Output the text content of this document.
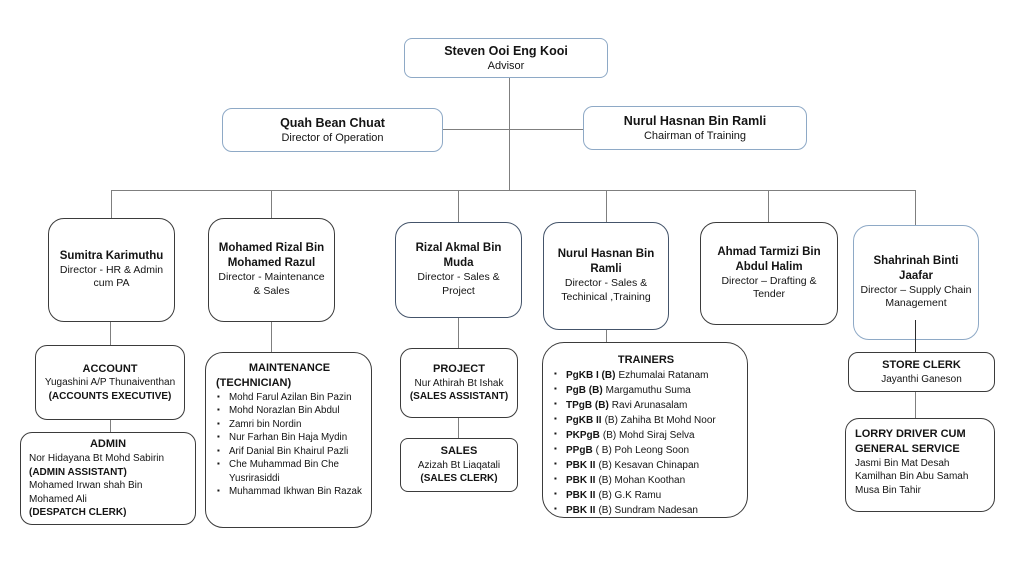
Steven Ooi Eng Kooi
Advisor
Quah Bean Chuat
Director of Operation
Nurul Hasnan Bin Ramli
Chairman of Training
Sumitra Karimuthu
Director - HR & Admin cum PA
Mohamed Rizal Bin Mohamed Razul
Director - Maintenance & Sales
Rizal Akmal Bin Muda
Director - Sales & Project
Nurul Hasnan Bin Ramli
Director - Sales & Techinical ,Training
Ahmad Tarmizi Bin Abdul Halim
Director – Drafting & Tender
Shahrinah Binti Jaafar
Director – Supply Chain Management
ACCOUNT
Yugashini A/P Thunaiventhan
(ACCOUNTS EXECUTIVE)
ADMIN
Nor Hidayana Bt Mohd Sabirin
(ADMIN ASSISTANT)
Mohamed Irwan shah Bin Mohamed Ali
(DESPATCH CLERK)
MAINTENANCE
(TECHNICIAN)
▪ Mohd Farul Azilan Bin Pazin
▪ Mohd Norazlan Bin Abdul
▪ Zamri bin Nordin
▪ Nur Farhan Bin Haja Mydin
▪ Arif Danial Bin Khairul Pazli
▪ Che Muhammad Bin Che Yusrirasiddi
▪ Muhammad Ikhwan Bin Razak
PROJECT
Nur Athirah Bt Ishak
(SALES ASSISTANT)
SALES
Azizah Bt Liaqatali
(SALES CLERK)
TRAINERS
▪ PgKB I (B) Ezhumalai Ratanam
▪ PgB (B) Margamuthu Suma
▪ TPgB (B) Ravi Arunasalam
▪ PgKB II (B) Zahiha Bt Mohd Noor
▪ PKPgB (B) Mohd Siraj Selva
▪ PPgB ( B) Poh Leong Soon
▪ PBK II (B) Kesavan Chinapan
▪ PBK II (B) Mohan Koothan
▪ PBK II (B) G.K Ramu
▪ PBK II (B) Sundram Nadesan
STORE CLERK
Jayanthi Ganeson
LORRY DRIVER CUM GENERAL SERVICE
Jasmi Bin Mat Desah
Kamilhan Bin Abu Samah
Musa Bin Tahir
